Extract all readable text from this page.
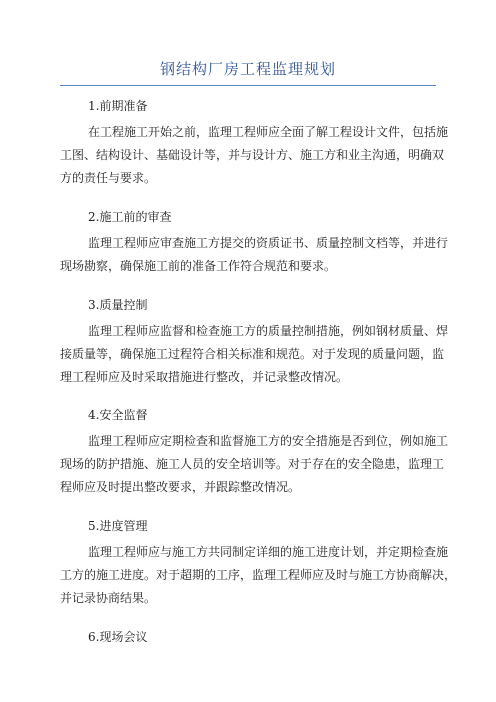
钢结构厂房工程监理规划
1.前期准备
在工程施工开始之前，监理工程师应全面了解工程设计文件，包括施
工图、结构设计、基础设计等，并与设计方、施工方和业主沟通，明确双
方的责任与要求。
2.施工前的审查
监理工程师应审查施工方提交的资质证书、质量控制文档等，并进行
现场勘察，确保施工前的准备工作符合规范和要求。
3.质量控制
监理工程师应监督和检查施工方的质量控制措施，例如钢材质量、焊
接质量等，确保施工过程符合相关标准和规范。对于发现的质量问题，监
理工程师应及时采取措施进行整改，并记录整改情况。
4.安全监督
监理工程师应定期检查和监督施工方的安全措施是否到位，例如施工
现场的防护措施、施工人员的安全培训等。对于存在的安全隐患，监理工
程师应及时提出整改要求，并跟踪整改情况。
5.进度管理
监理工程师应与施工方共同制定详细的施工进度计划，并定期检查施
工方的施工进度。对于超期的工序，监理工程师应及时与施工方协商解决，
并记录协商结果。
6.现场会议
